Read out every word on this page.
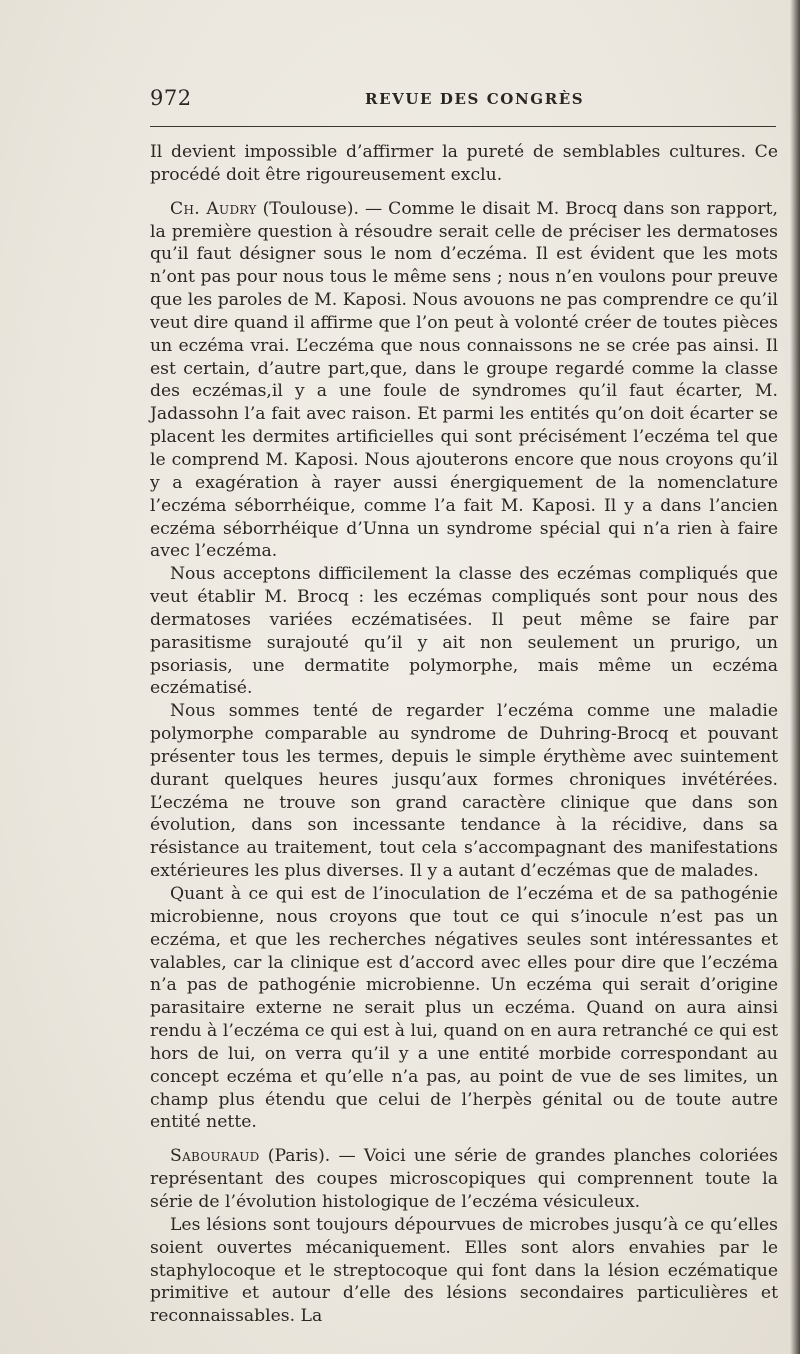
972	REVUE DES CONGRÈS

Il devient impossible d’affirmer la pureté de semblables cultures. Ce procédé doit être rigoureusement exclu.

Ch. Audry (Toulouse). — Comme le disait M. Brocq dans son rapport, la première question à résoudre serait celle de préciser les dermatoses qu’il faut désigner sous le nom d’eczéma. Il est évident que les mots n’ont pas pour nous tous le même sens ; nous n’en voulons pour preuve que les paroles de M. Kaposi. Nous avouons ne pas comprendre ce qu’il veut dire quand il affirme que l’on peut à volonté créer de toutes pièces un eczéma vrai. L’eczéma que nous connaissons ne se crée pas ainsi. Il est certain, d’autre part,que, dans le groupe regardé comme la classe des eczémas,il y a une foule de syndromes qu’il faut écarter, M. Jadassohn l’a fait avec raison. Et parmi les entités qu’on doit écarter se placent les dermites artificielles qui sont précisément l’eczéma tel que le comprend M. Kaposi. Nous ajouterons encore que nous croyons qu’il y a exagération à rayer aussi énergiquement de la nomenclature l’eczéma séborrhéique, comme l’a fait M. Kaposi. Il y a dans l’ancien eczéma séborrhéique d’Unna un syndrome spécial qui n’a rien à faire avec l’eczéma.

Nous acceptons difficilement la classe des eczémas compliqués que veut établir M. Brocq : les eczémas compliqués sont pour nous des dermatoses variées eczématisées. Il peut même se faire par parasitisme surajouté qu’il y ait non seulement un prurigo, un psoriasis, une dermatite polymorphe, mais même un eczéma eczématisé.

Nous sommes tenté de regarder l’eczéma comme une maladie polymorphe comparable au syndrome de Duhring-Brocq et pouvant présenter tous les termes, depuis le simple érythème avec suintement durant quelques heures jusqu’aux formes chroniques invétérées. L’eczéma ne trouve son grand caractère clinique que dans son évolution, dans son incessante tendance à la récidive, dans sa résistance au traitement, tout cela s’accompagnant des manifestations extérieures les plus diverses. Il y a autant d’eczémas que de malades.

Quant à ce qui est de l’inoculation de l’eczéma et de sa pathogénie microbienne, nous croyons que tout ce qui s’inocule n’est pas un eczéma, et que les recherches négatives seules sont intéressantes et valables, car la clinique est d’accord avec elles pour dire que l’eczéma n’a pas de pathogénie microbienne. Un eczéma qui serait d’origine parasitaire externe ne serait plus un eczéma. Quand on aura ainsi rendu à l’eczéma ce qui est à lui, quand on en aura retranché ce qui est hors de lui, on verra qu’il y a une entité morbide correspondant au concept eczéma et qu’elle n’a pas, au point de vue de ses limites, un champ plus étendu que celui de l’herpès génital ou de toute autre entité nette.

Sabouraud (Paris). — Voici une série de grandes planches coloriées représentant des coupes microscopiques qui comprennent toute la série de l’évolution histologique de l’eczéma vésiculeux.

Les lésions sont toujours dépourvues de microbes jusqu’à ce qu’elles soient ouvertes mécaniquement. Elles sont alors envahies par le staphylocoque et le streptocoque qui font dans la lésion eczématique primitive et autour d’elle des lésions secondaires particulières et reconnaissables. La
